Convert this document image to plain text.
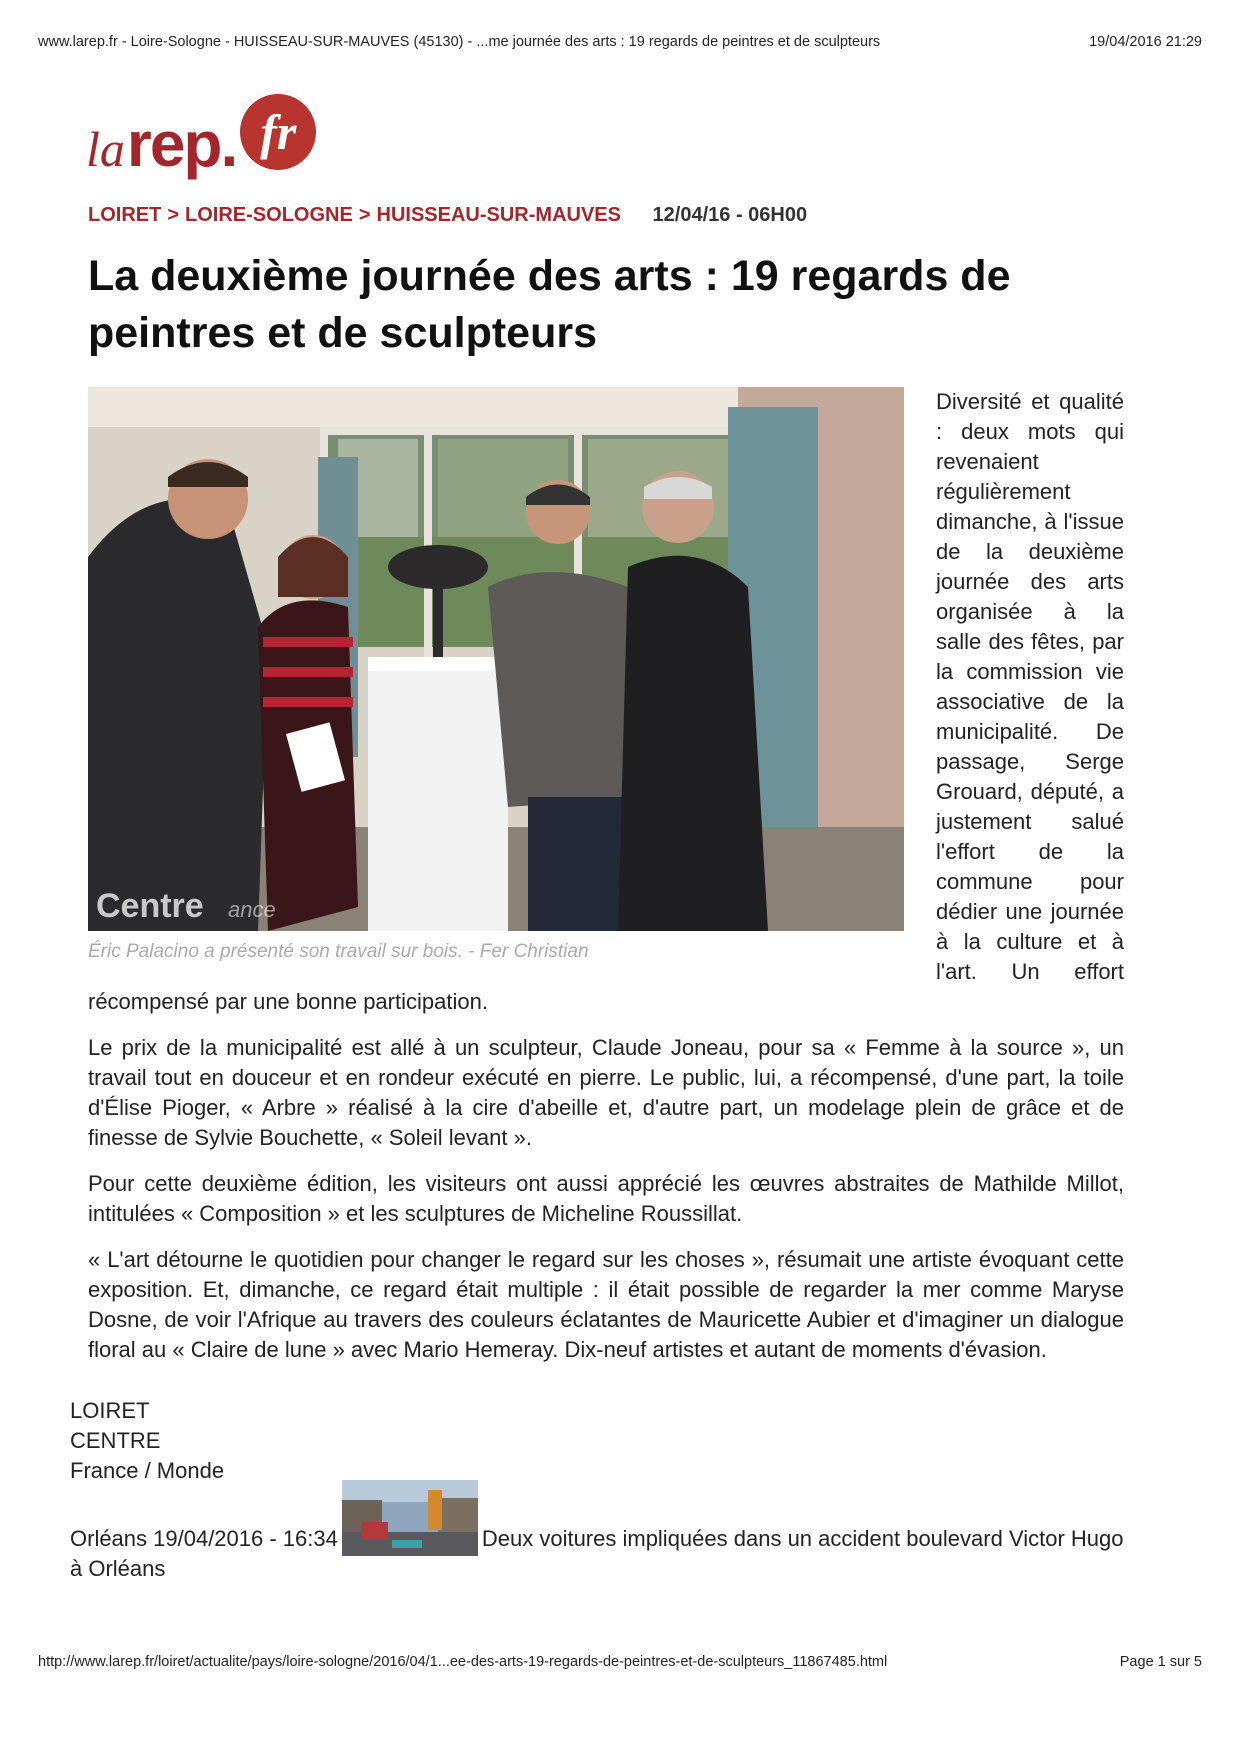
www.larep.fr - Loire-Sologne - HUISSEAU-SUR-MAUVES (45130) - ...me journée des arts : 19 regards de peintres et de sculpteurs	19/04/2016 21:29
la rep . fr
LOIRET > LOIRE-SOLOGNE > HUISSEAU-SUR-MAUVES 12/04/16 - 06H00
La deuxième journée des arts : 19 regards de peintres et de sculpteurs
Centre ance
Éric Palacino a présenté son travail sur bois. - Fer Christian

Diversité et qualité : deux mots qui revenaient régulièrement dimanche, à l'issue de la deuxième journée des arts organisée à la salle des fêtes, par la commission vie associative de la municipalité. De passage, Serge Grouard, député, a justement salué l'effort de la commune pour dédier une journée à la culture et à l'art. Un effort récompensé par une bonne participation.

Le prix de la municipalité est allé à un sculpteur, Claude Joneau, pour sa « Femme à la source », un travail tout en douceur et en rondeur exécuté en pierre. Le public, lui, a récompensé, d'une part, la toile d'Élise Pioger, « Arbre » réalisé à la cire d'abeille et, d'autre part, un modelage plein de grâce et de finesse de Sylvie Bouchette, « Soleil levant ».

Pour cette deuxième édition, les visiteurs ont aussi apprécié les œuvres abstraites de Mathilde Millot, intitulées « Composition » et les sculptures de Micheline Roussillat.

« L'art détourne le quotidien pour changer le regard sur les choses », résumait une artiste évoquant cette exposition. Et, dimanche, ce regard était multiple : il était possible de regarder la mer comme Maryse Dosne, de voir l'Afrique au travers des couleurs éclatantes de Mauricette Aubier et d'imaginer un dialogue floral au « Claire de lune » avec Mario Hemeray. Dix-neuf artistes et autant de moments d'évasion.

LOIRET
CENTRE
France / Monde
Orléans 19/04/2016 - 16:34	Deux voitures impliquées dans un accident boulevard Victor Hugo à Orléans
http://www.larep.fr/loiret/actualite/pays/loire-sologne/2016/04/1...ee-des-arts-19-regards-de-peintres-et-de-sculpteurs_11867485.html	Page 1 sur 5
